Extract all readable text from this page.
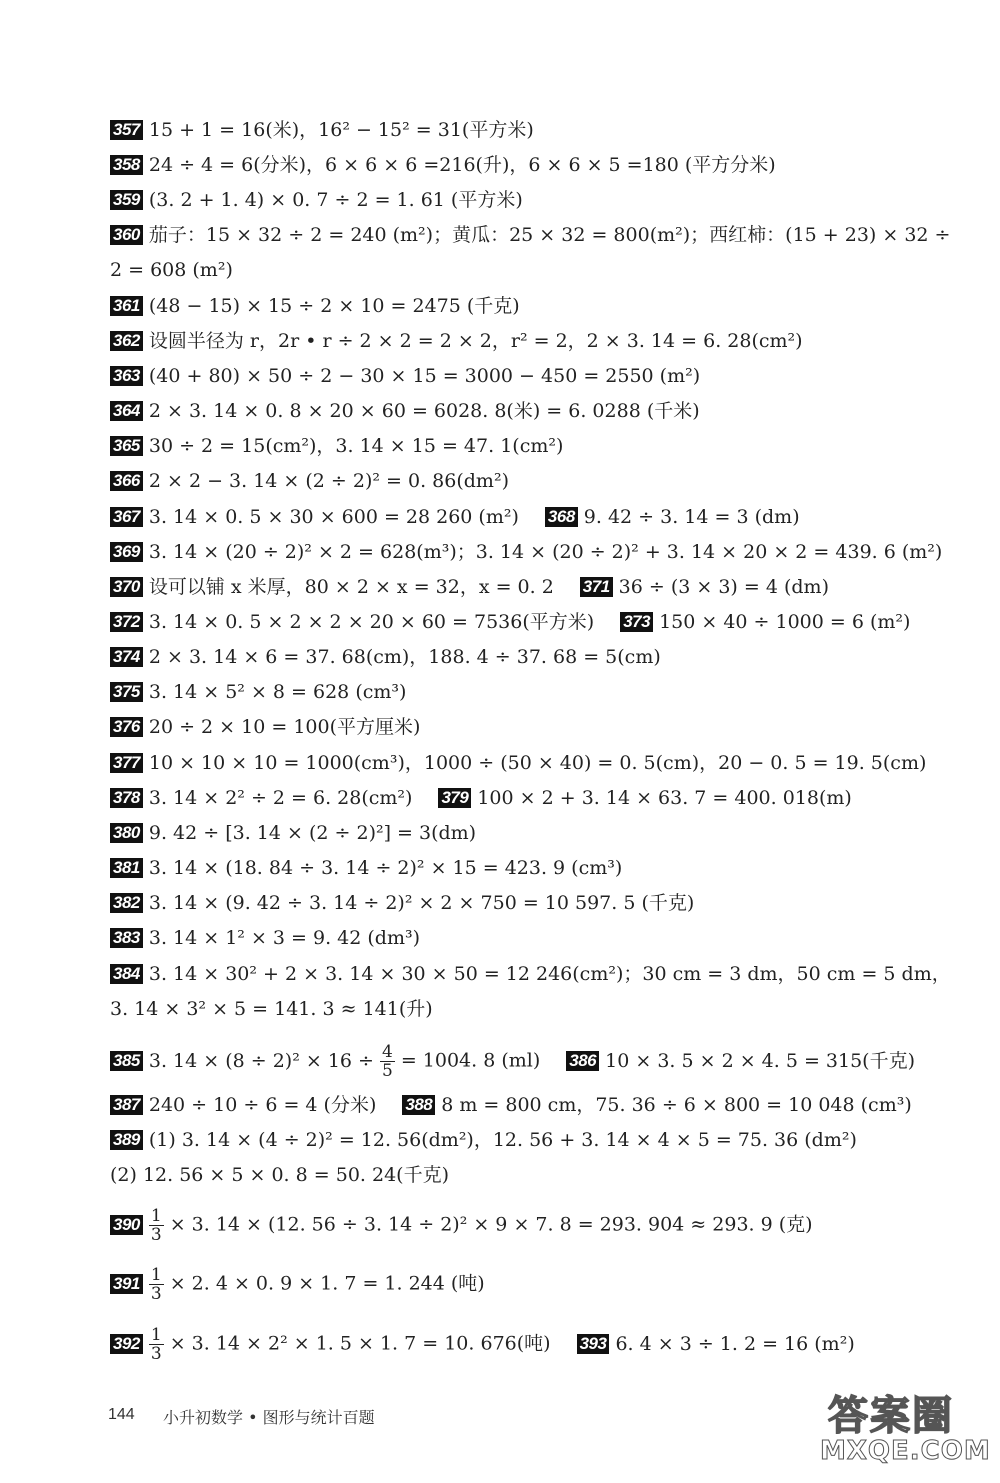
357 15 + 1 = 16(米)，16² − 15² = 31(平方米)
358 24 ÷ 4 = 6(分米)，6 × 6 × 6 =216(升)，6 × 6 × 5 =180 (平方分米)
359 (3. 2 + 1. 4) × 0. 7 ÷ 2 = 1. 61 (平方米)
360 茄子：15 × 32 ÷ 2 = 240 (m²)；黄瓜：25 × 32 = 800(m²)；西红柿：(15 + 23) × 32 ÷
2 = 608 (m²)
361 (48 − 15) × 15 ÷ 2 × 10 = 2475 (千克)
362 设圆半径为 r，2r • r ÷ 2 × 2 = 2 × 2，r² = 2，2 × 3. 14 = 6. 28(cm²)
363 (40 + 80) × 50 ÷ 2 − 30 × 15 = 3000 − 450 = 2550 (m²)
364 2 × 3. 14 × 0. 8 × 20 × 60 = 6028. 8(米) = 6. 0288 (千米)
365 30 ÷ 2 = 15(cm²)，3. 14 × 15 = 47. 1(cm²)
366 2 × 2 − 3. 14 × (2 ÷ 2)² = 0. 86(dm²)
367 3. 14 × 0. 5 × 30 × 600 = 28 260 (m²) 368 9. 42 ÷ 3. 14 = 3 (dm)
369 3. 14 × (20 ÷ 2)² × 2 = 628(m³)；3. 14 × (20 ÷ 2)² + 3. 14 × 20 × 2 = 439. 6 (m²)
370 设可以铺 x 米厚，80 × 2 × x = 32，x = 0. 2 371 36 ÷ (3 × 3) = 4 (dm)
372 3. 14 × 0. 5 × 2 × 2 × 20 × 60 = 7536(平方米) 373 150 × 40 ÷ 1000 = 6 (m²)
374 2 × 3. 14 × 6 = 37. 68(cm)，188. 4 ÷ 37. 68 = 5(cm)
375 3. 14 × 5² × 8 = 628 (cm³)
376 20 ÷ 2 × 10 = 100(平方厘米)
377 10 × 10 × 10 = 1000(cm³)，1000 ÷ (50 × 40) = 0. 5(cm)，20 − 0. 5 = 19. 5(cm)
378 3. 14 × 2² ÷ 2 = 6. 28(cm²) 379 100 × 2 + 3. 14 × 63. 7 = 400. 018(m)
380 9. 42 ÷ [3. 14 × (2 ÷ 2)²] = 3(dm)
381 3. 14 × (18. 84 ÷ 3. 14 ÷ 2)² × 15 = 423. 9 (cm³)
382 3. 14 × (9. 42 ÷ 3. 14 ÷ 2)² × 2 × 750 = 10 597. 5 (千克)
383 3. 14 × 1² × 3 = 9. 42 (dm³)
384 3. 14 × 30² + 2 × 3. 14 × 30 × 50 = 12 246(cm²)；30 cm = 3 dm，50 cm = 5 dm，
3. 14 × 3² × 5 = 141. 3 ≈ 141(升)
385 3. $14 \times (8 \div 2)^2 \times 16 \div \frac{4}{5} = 1004$. 8 (ml) 386 10 × 3. 5 × 2 × 4. 5 = 315(千克)
387 240 ÷ 10 ÷ 6 = 4 (分米) 388 8 m = 800 cm，75. 36 ÷ 6 × 800 = 10 048 (cm³)
389 (1) 3. 14 × (4 ÷ 2)² = 12. 56(dm²)，12. 56 + 3. 14 × 4 × 5 = 75. 36 (dm²)
(2) 12. 56 × 5 × 0. 8 = 50. 24(千克)
$390 \frac{1}{3} \times 3$. 14 × (12. 56 ÷ 3. 14 ÷ 2)² × 9 × 7. 8 = 293. 904 ≈ 293. 9 (克)
$391 \frac{1}{3} \times 2$. 4 × 0. 9 × 1. 7 = 1. 244 (吨)
$392 \frac{1}{3} \times 3$. 14 × 2² × 1. 5 × 1. 7 = 10. 676(吨) 393 6. 4 × 3 ÷ 1. 2 = 16 (m²)
144 小升初数学 • 图形与统计百题	答案圈
MXQE.COM
